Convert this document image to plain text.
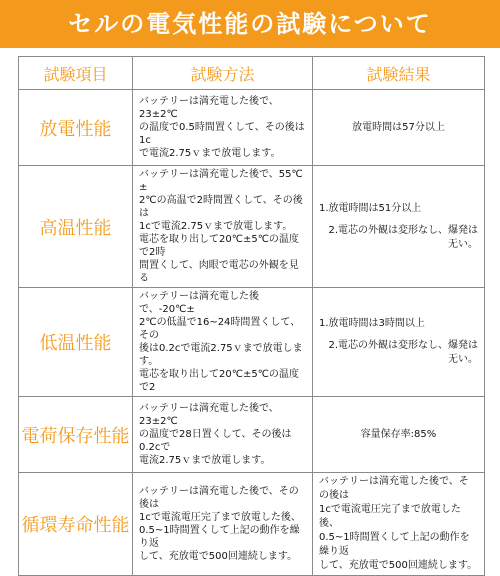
セルの電気性能の試験について
試験項目	試験方法	試験結果
放電性能	バッテリーは満充電した後で、23±2℃
の温度で0.5時間置くして、その後は1c
で電流2.75ｖまで放電します。	放電時間は57分以上

高温性能	バッテリーは満充電した後で、55℃±
2℃の高温で2時間置くして、その後は
1cで電流2.75ｖまで放電します。
電芯を取り出して20℃±5℃の温度で2時
間置くして、肉眼で電芯の外観を見る	1.放電時間は51分以上
2.電芯の外観は変形なし、爆発は无い。

低温性能	バッテリーは満充電した後で、-20℃±
2℃の低温で16~24時間置くして、その
後は0.2cで電流2.75ｖまで放電します。
電芯を取り出して20℃±5℃の温度で2	1.放電時間は3時間以上
2.電芯の外観は変形なし、爆発は无い。

電荷保存性能	バッテリーは満充電した後で、23±2℃
の温度で28日置くして、その後は0.2cで
電流2.75ｖまで放電します。	容量保存率:85%

循環寿命性能	バッテリーは満充電した後で、その後は
1cで電流電圧完了まで放電した後、
0.5~1時間置くして上記の動作を繰り返
して、充放電で500回連続します。	バッテリーは満充電した後で、その後は
1cで電流電圧完了まで放電した後、
0.5~1時間置くして上記の動作を繰り返
して、充放電で500回連続します。
